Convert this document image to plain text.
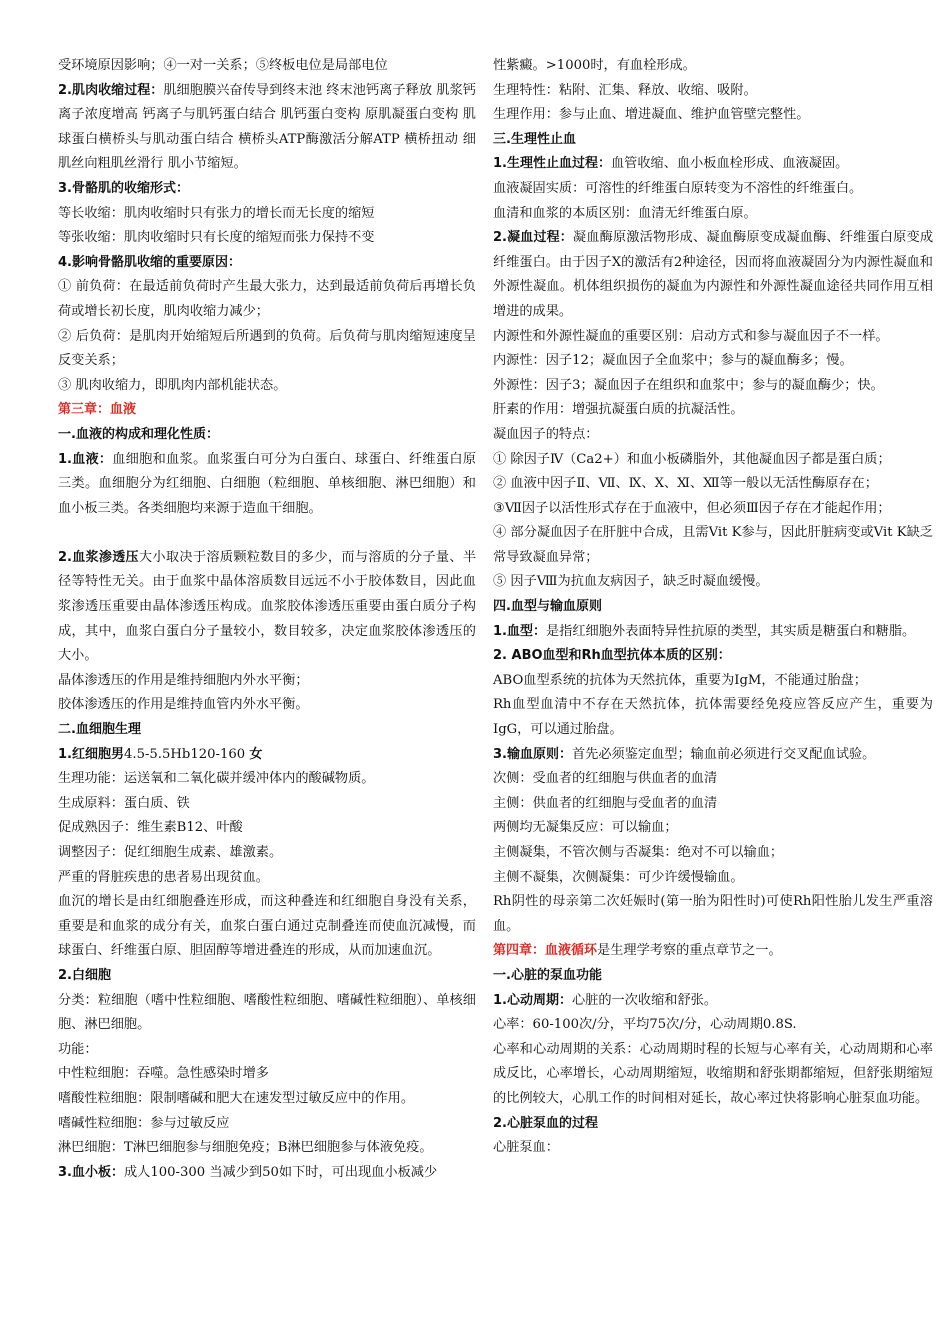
受环境原因影响；④一对一关系；⑤终板电位是局部电位

2.肌肉收缩过程：肌细胞膜兴奋传导到终末池 终末池钙离子释放 肌浆钙离子浓度增高 钙离子与肌钙蛋白结合 肌钙蛋白变构 原肌凝蛋白变构 肌球蛋白横桥头与肌动蛋白结合 横桥头ATP酶激活分解ATP 横桥扭动 细肌丝向粗肌丝滑行 肌小节缩短。

3.骨骼肌的收缩形式：

等长收缩：肌肉收缩时只有张力的增长而无长度的缩短

等张收缩：肌肉收缩时只有长度的缩短而张力保持不变

4.影响骨骼肌收缩的重要原因：

① 前负荷：在最适前负荷时产生最大张力，达到最适前负荷后再增长负荷或增长初长度，肌肉收缩力减少；

② 后负荷：是肌肉开始缩短后所遇到的负荷。后负荷与肌肉缩短速度呈反变关系；

③ 肌肉收缩力，即肌肉内部机能状态。

第三章：血液

一.血液的构成和理化性质：

1.血液：血细胞和血浆。血浆蛋白可分为白蛋白、球蛋白、纤维蛋白原三类。血细胞分为红细胞、白细胞（粒细胞、单核细胞、淋巴细胞）和血小板三类。各类细胞均来源于造血干细胞。

2.血浆渗透压大小取决于溶质颗粒数目的多少，而与溶质的分子量、半径等特性无关。由于血浆中晶体溶质数目远远不小于胶体数目，因此血浆渗透压重要由晶体渗透压构成。血浆胶体渗透压重要由蛋白质分子构成，其中，血浆白蛋白分子量较小，数目较多，决定血浆胶体渗透压的大小。

晶体渗透压的作用是维持细胞内外水平衡；

胶体渗透压的作用是维持血管内外水平衡。

二.血细胞生理

1.红细胞男4.5-5.5Hb120-160 女

生理功能：运送氧和二氧化碳并缓冲体内的酸碱物质。

生成原料：蛋白质、铁

促成熟因子：维生素B12、叶酸

调整因子：促红细胞生成素、雄激素。

严重的肾脏疾患的患者易出现贫血。

血沉的增长是由红细胞叠连形成，而这种叠连和红细胞自身没有关系，重要是和血浆的成分有关，血浆白蛋白通过克制叠连而使血沉减慢，而球蛋白、纤维蛋白原、胆固醇等增进叠连的形成，从而加速血沉。

2.白细胞

分类：粒细胞（嗜中性粒细胞、嗜酸性粒细胞、嗜碱性粒细胞）、单核细胞、淋巴细胞。

功能：

中性粒细胞：吞噬。急性感染时增多

嗜酸性粒细胞：限制嗜碱和肥大在速发型过敏反应中的作用。

嗜碱性粒细胞：参与过敏反应

淋巴细胞：T淋巴细胞参与细胞免疫；B淋巴细胞参与体液免疫。

3.血小板：成人100-300 当减少到50如下时，可出现血小板减少

性紫癜。>1000时，有血栓形成。

生理特性：粘附、汇集、释放、收缩、吸附。

生理作用：参与止血、增进凝血、维护血管壁完整性。

三.生理性止血

1.生理性止血过程：血管收缩、血小板血栓形成、血液凝固。

血液凝固实质：可溶性的纤维蛋白原转变为不溶性的纤维蛋白。

血清和血浆的本质区别：血清无纤维蛋白原。

2.凝血过程：凝血酶原激活物形成、凝血酶原变成凝血酶、纤维蛋白原变成纤维蛋白。由于因子X的激活有2种途径，因而将血液凝固分为内源性凝血和外源性凝血。机体组织损伤的凝血为内源性和外源性凝血途径共同作用互相增进的成果。

内源性和外源性凝血的重要区别：启动方式和参与凝血因子不一样。

内源性：因子12；凝血因子全血浆中；参与的凝血酶多；慢。

外源性：因子3；凝血因子在组织和血浆中；参与的凝血酶少；快。

肝素的作用：增强抗凝蛋白质的抗凝活性。

凝血因子的特点：

① 除因子Ⅳ（Ca2+）和血小板磷脂外，其他凝血因子都是蛋白质；

② 血液中因子Ⅱ、Ⅶ、Ⅸ、Ⅹ、Ⅺ、Ⅻ等一般以无活性酶原存在；

③Ⅶ因子以活性形式存在于血液中，但必须Ⅲ因子存在才能起作用；

④ 部分凝血因子在肝脏中合成，且需Vit K参与，因此肝脏病变或Vit K缺乏常导致凝血异常；

⑤ 因子Ⅷ为抗血友病因子，缺乏时凝血缓慢。

四.血型与输血原则

1.血型：是指红细胞外表面特异性抗原的类型，其实质是糖蛋白和糖脂。

2. ABO血型和Rh血型抗体本质的区别：

ABO血型系统的抗体为天然抗体，重要为IgM，不能通过胎盘；

Rh血型血清中不存在天然抗体，抗体需要经免疫应答反应产生，重要为IgG，可以通过胎盘。

3.输血原则：首先必须鉴定血型；输血前必须进行交叉配血试验。

次侧：受血者的红细胞与供血者的血清

主侧：供血者的红细胞与受血者的血清

两侧均无凝集反应：可以输血；

主侧凝集，不管次侧与否凝集：绝对不可以输血；

主侧不凝集，次侧凝集：可少许缓慢输血。

Rh阴性的母亲第二次妊娠时(第一胎为阳性时)可使Rh阳性胎儿发生严重溶血。

第四章：血液循环是生理学考察的重点章节之一。

一.心脏的泵血功能

1.心动周期：心脏的一次收缩和舒张。

心率：60-100次/分，平均75次/分，心动周期0.8S.

心率和心动周期的关系：心动周期时程的长短与心率有关，心动周期和心率成反比，心率增长，心动周期缩短，收缩期和舒张期都缩短，但舒张期缩短的比例较大，心肌工作的时间相对延长，故心率过快将影响心脏泵血功能。

2.心脏泵血的过程

心脏泵血：
